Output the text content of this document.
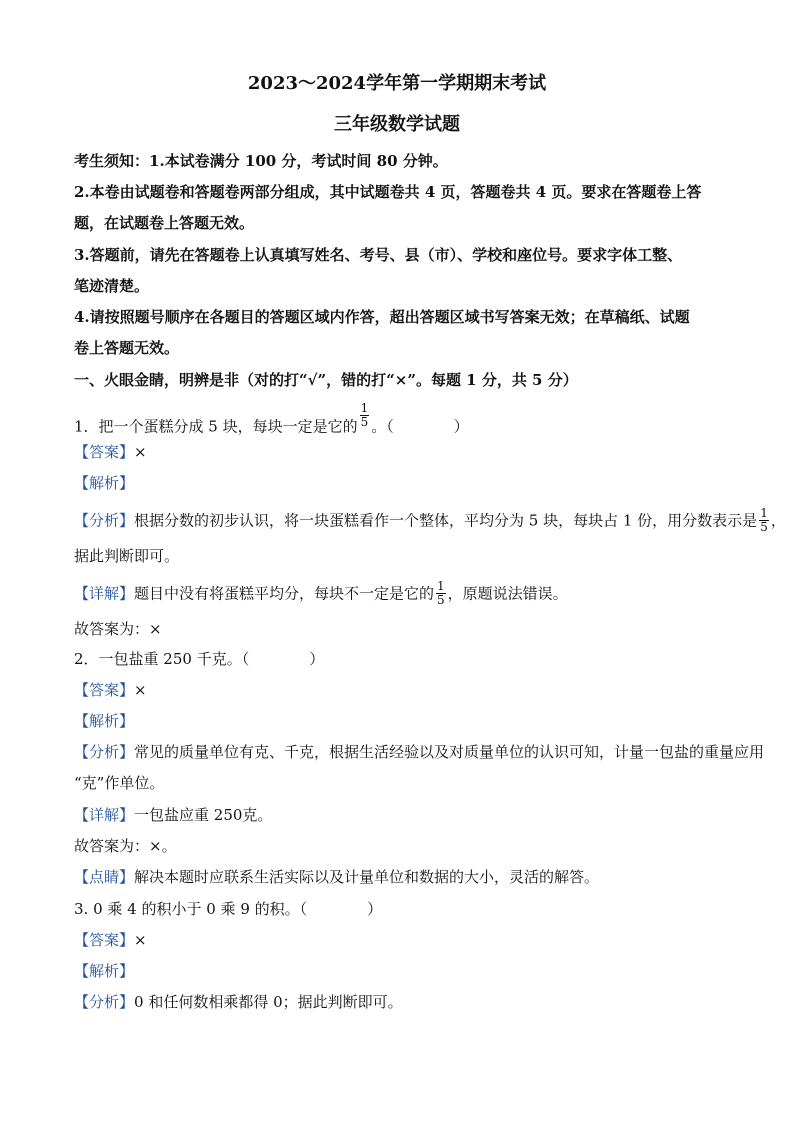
2023～2024学年第一学期期末考试
三年级数学试题
考生须知：1.本试卷满分 100 分，考试时间 80 分钟。
2.本卷由试题卷和答题卷两部分组成，其中试题卷共 4 页，答题卷共 4 页。要求在答题卷上答
题，在试题卷上答题无效。
3.答题前，请先在答题卷上认真填写姓名、考号、县（市）、学校和座位号。要求字体工整、
笔迹清楚。
4.请按照题号顺序在各题目的答题区域内作答，超出答题区域书写答案无效；在草稿纸、试题
卷上答题无效。
一、火眼金睛，明辨是非（对的打“√”，错的打“×”。每题 1 分，共 5 分）
1．把一个蛋糕分成 5 块，每块一定是它的 $\frac{1}{5}$ 。（　　　　）
【答案】×
【解析】
【分析】根据分数的初步认识，将一块蛋糕看作一个整体，平均分为 5 块，每块占 1 份，用分数表示是 $\frac{1}{5}$ ，
据此判断即可。
【详解】题目中没有将蛋糕平均分，每块不一定是它的 $\frac{1}{5}$ ，原题说法错误。
故答案为：×
2．一包盐重 250 千克。（　　　　）
【答案】×
【解析】
【分析】常见的质量单位有克、千克，根据生活经验以及对质量单位的认识可知，计量一包盐的重量应用
“克”作单位。
【详解】一包盐应重 250克。
故答案为：×。
【点睛】解决本题时应联系生活实际以及计量单位和数据的大小，灵活的解答。
3. 0 乘 4 的积小于 0 乘 9 的积。（　　　　）
【答案】×
【解析】
【分析】0 和任何数相乘都得 0；据此判断即可。
